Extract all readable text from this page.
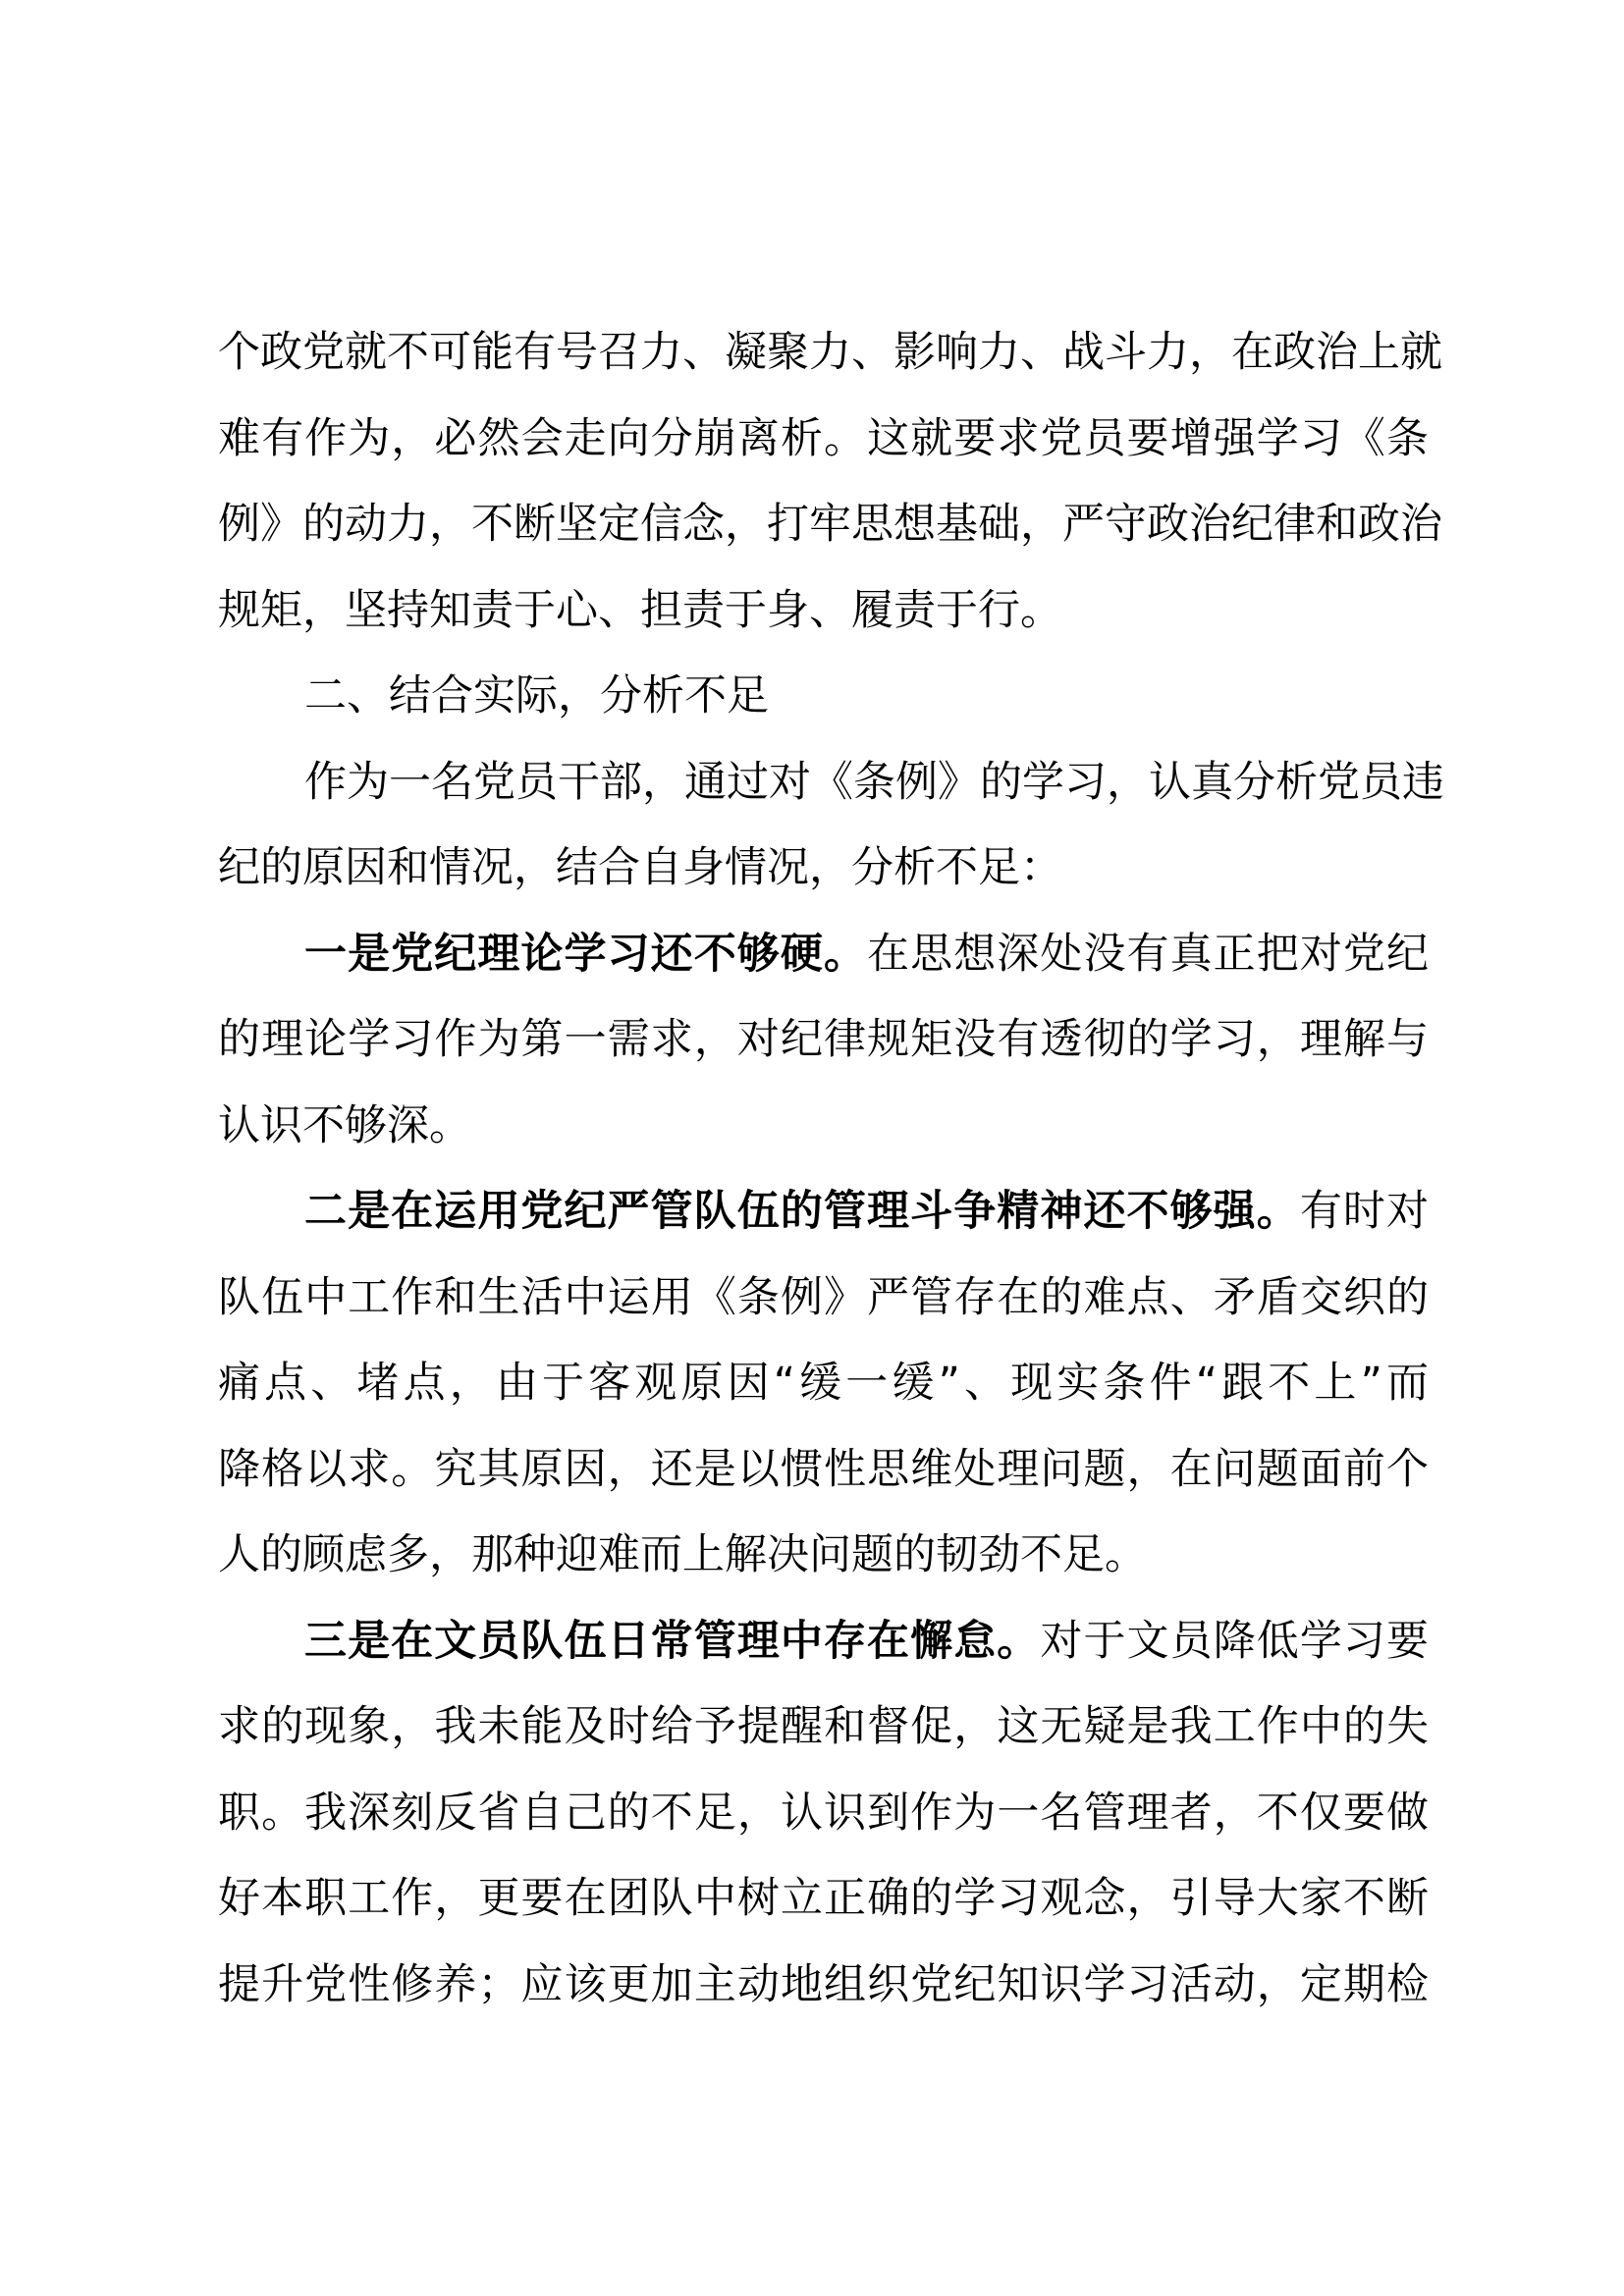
个政党就不可能有号召力、凝聚力、影响力、战斗力，在政治上就
难有作为，必然会走向分崩离析。这就要求党员要增强学习《条
例》的动力，不断坚定信念，打牢思想基础，严守政治纪律和政治
规矩，坚持知责于心、担责于身、履责于行。
二、结合实际，分析不足
作为一名党员干部，通过对《条例》的学习，认真分析党员违
纪的原因和情况，结合自身情况，分析不足：
一是党纪理论学习还不够硬。在思想深处没有真正把对党纪
的理论学习作为第一需求，对纪律规矩没有透彻的学习，理解与
认识不够深。
二是在运用党纪严管队伍的管理斗争精神还不够强。有时对
队伍中工作和生活中运用《条例》严管存在的难点、矛盾交织的
痛点、堵点，由于客观原因“缓一缓”、现实条件“跟不上”而
降格以求。究其原因，还是以惯性思维处理问题，在问题面前个
人的顾虑多，那种迎难而上解决问题的韧劲不足。
三是在文员队伍日常管理中存在懈怠。对于文员降低学习要
求的现象，我未能及时给予提醒和督促，这无疑是我工作中的失
职。我深刻反省自己的不足，认识到作为一名管理者，不仅要做
好本职工作，更要在团队中树立正确的学习观念，引导大家不断
提升党性修养；应该更加主动地组织党纪知识学习活动，定期检
